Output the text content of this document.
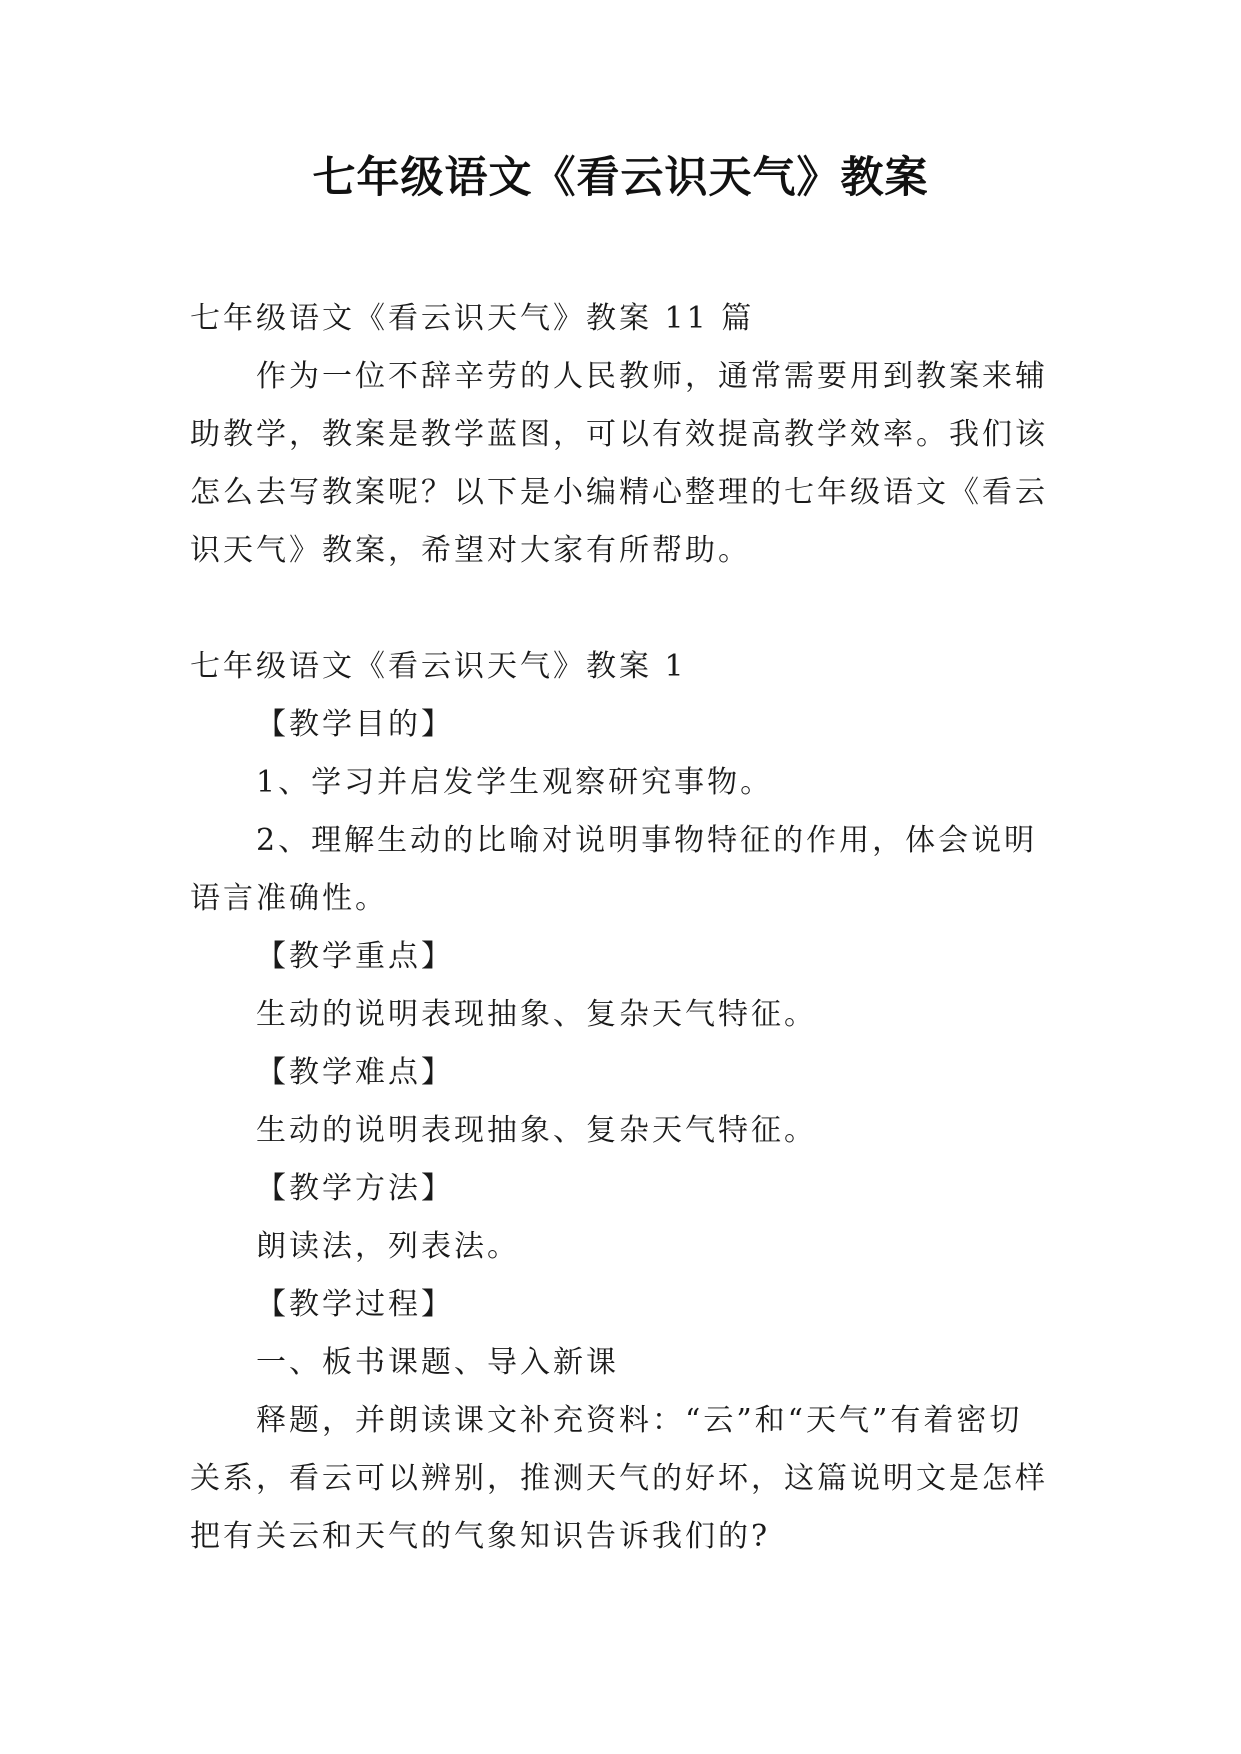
七年级语文《看云识天气》教案

七年级语文《看云识天气》教案 11 篇

作为一位不辞辛劳的人民教师，通常需要用到教案来辅助教学，教案是教学蓝图，可以有效提高教学效率。我们该怎么去写教案呢？以下是小编精心整理的七年级语文《看云识天气》教案，希望对大家有所帮助。

七年级语文《看云识天气》教案 1

【教学目的】

1、学习并启发学生观察研究事物。

2、理解生动的比喻对说明事物特征的作用，体会说明语言准确性。

【教学重点】

生动的说明表现抽象、复杂天气特征。

【教学难点】

生动的说明表现抽象、复杂天气特征。

【教学方法】

朗读法，列表法。

【教学过程】

一、板书课题、导入新课

释题，并朗读课文补充资料：“云”和“天气”有着密切关系，看云可以辨别，推测天气的好坏，这篇说明文是怎样把有关云和天气的气象知识告诉我们的?
